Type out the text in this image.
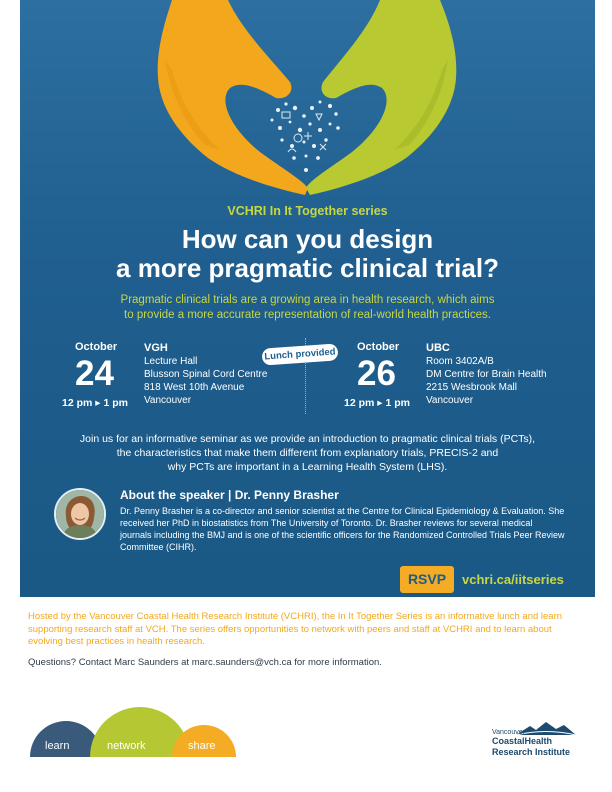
VCHRI In It Together series
How can you design
a more pragmatic clinical trial?
Pragmatic clinical trials are a growing area in health research, which aims
to provide a more accurate representation of real-world health practices.
October
24
12 pm ▸ 1 pm
VGH
Lecture Hall
Blusson Spinal Cord Centre
818 West 10th Avenue
Vancouver
Lunch provided October
26
12 pm ▸ 1 pm
UBC
Room 3402A/B
DM Centre for Brain Health
2215 Wesbrook Mall
Vancouver
Join us for an informative seminar as we provide an introduction to pragmatic clinical trials (PCTs),
the characteristics that make them different from explanatory trials, PRECIS-2 and
why PCTs are important in a Learning Health System (LHS).
About the speaker | Dr. Penny Brasher
Dr. Penny Brasher is a co-director and senior scientist at the Centre for Clinical Epidemiology & Evaluation. She received her PhD in biostatistics from The University of Toronto. Dr. Brasher reviews for several medical journals including the BMJ and is one of the scientific officers for the Randomized Controlled Trials Peer Review Committee (CIHR).
RSVP	vchri.ca/iitseries
Hosted by the Vancouver Coastal Health Research Institute (VCHRI), the In It Together Series is an informative lunch and learn supporting research staff at VCH. The series offers opportunities to network with peers and staff at VCHRI and to learn about evolving best practices in health research.
Questions? Contact Marc Saunders at marc.saunders@vch.ca for more information.
learn	network	share
Vancouver
CoastalHealth
Research Institute
